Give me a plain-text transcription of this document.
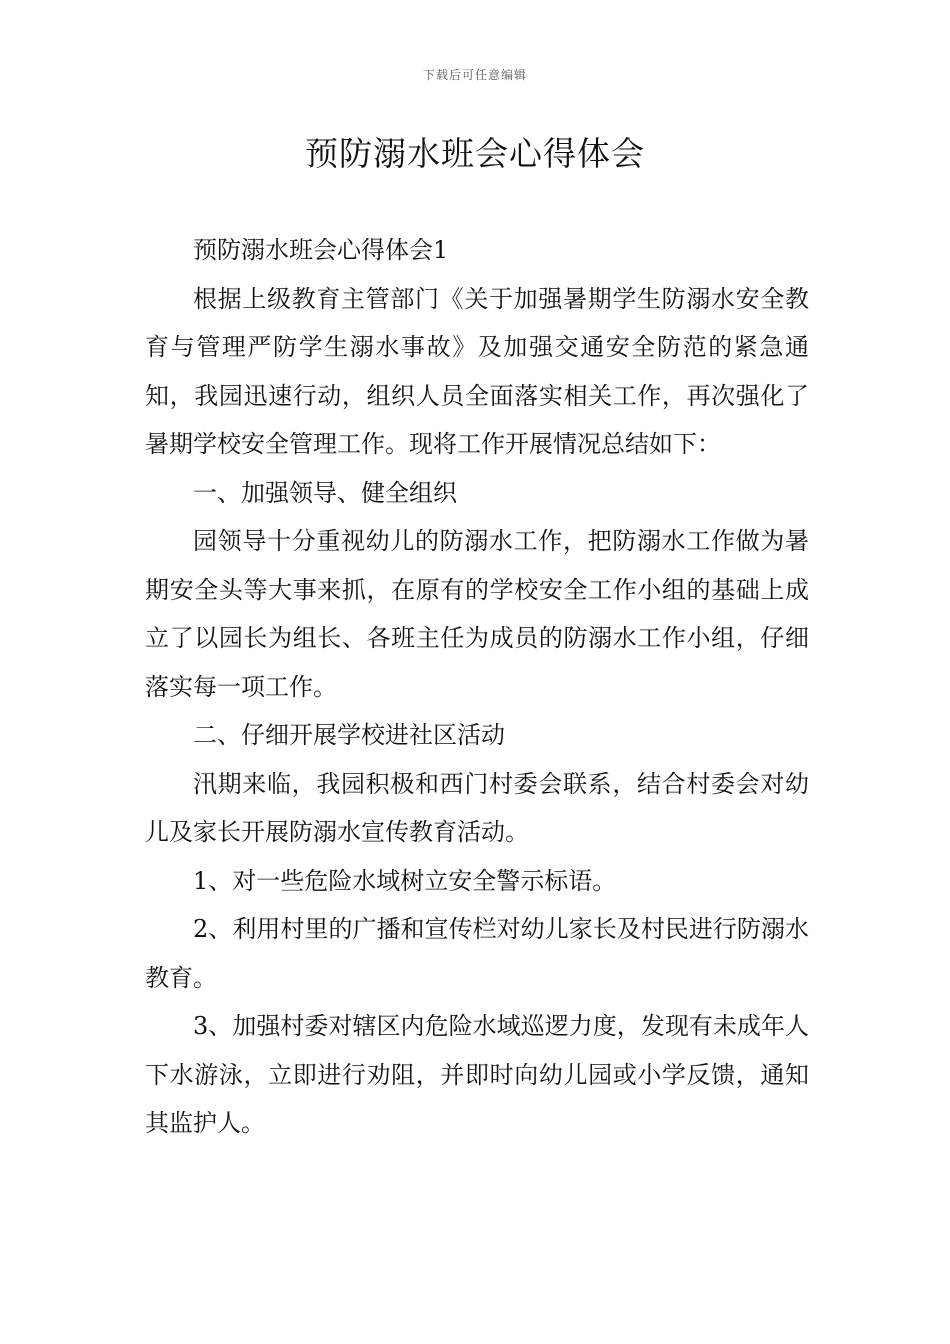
下载后可任意编辑
预防溺水班会心得体会

预防溺水班会心得体会1

根据上级教育主管部门《关于加强暑期学生防溺水安全教育与管理严防学生溺水事故》及加强交通安全防范的紧急通知，我园迅速行动，组织人员全面落实相关工作，再次强化了暑期学校安全管理工作。现将工作开展情况总结如下：

一、加强领导、健全组织

园领导十分重视幼儿的防溺水工作，把防溺水工作做为暑期安全头等大事来抓，在原有的学校安全工作小组的基础上成立了以园长为组长、各班主任为成员的防溺水工作小组，仔细落实每一项工作。

二、仔细开展学校进社区活动

汛期来临，我园积极和西门村委会联系，结合村委会对幼儿及家长开展防溺水宣传教育活动。

1、对一些危险水域树立安全警示标语。

2、利用村里的广播和宣传栏对幼儿家长及村民进行防溺水教育。

3、加强村委对辖区内危险水域巡逻力度，发现有未成年人下水游泳，立即进行劝阻，并即时向幼儿园或小学反馈，通知其监护人。
